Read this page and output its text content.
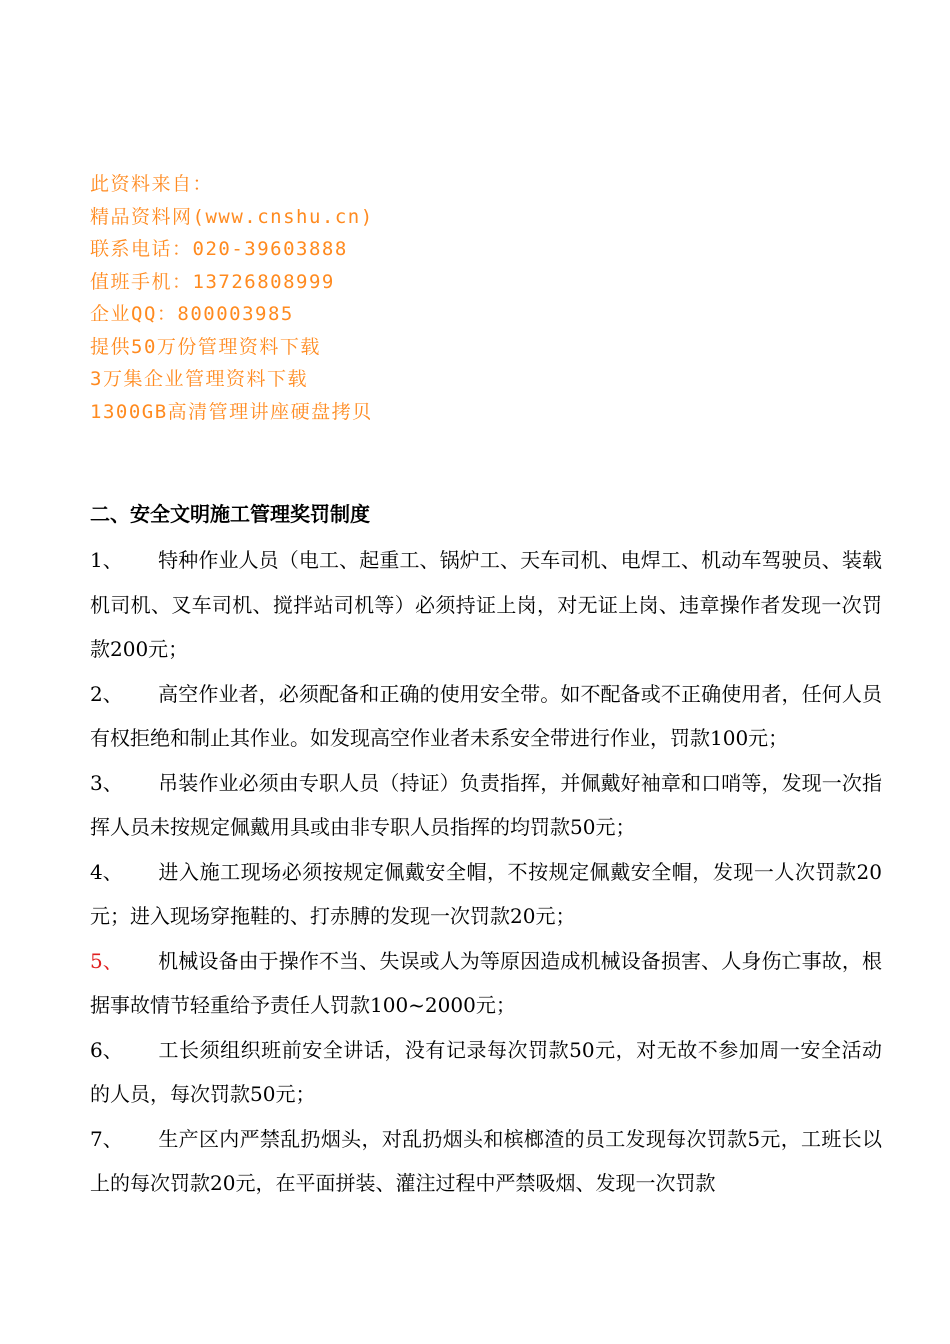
此资料来自：
精品资料网(www.cnshu.cn)
联系电话：020-39603888
值班手机：13726808999
企业QQ：800003985
提供50万份管理资料下载
3万集企业管理资料下载
1300GB高清管理讲座硬盘拷贝
二、安全文明施工管理奖罚制度

1、 特种作业人员（电工、起重工、锅炉工、天车司机、电焊工、机动车驾驶员、装载机司机、叉车司机、搅拌站司机等）必须持证上岗，对无证上岗、违章操作者发现一次罚款200元；

2、 高空作业者，必须配备和正确的使用安全带。如不配备或不正确使用者，任何人员有权拒绝和制止其作业。如发现高空作业者未系安全带进行作业，罚款100元；

3、 吊装作业必须由专职人员（持证）负责指挥，并佩戴好袖章和口哨等，发现一次指挥人员未按规定佩戴用具或由非专职人员指挥的均罚款50元；

4、 进入施工现场必须按规定佩戴安全帽，不按规定佩戴安全帽，发现一人次罚款20元；进入现场穿拖鞋的、打赤膊的发现一次罚款20元；

5、 机械设备由于操作不当、失误或人为等原因造成机械设备损害、人身伤亡事故，根据事故情节轻重给予责任人罚款100~2000元；

6、 工长须组织班前安全讲话，没有记录每次罚款50元，对无故不参加周一安全活动的人员，每次罚款50元；

7、 生产区内严禁乱扔烟头，对乱扔烟头和槟榔渣的员工发现每次罚款5元，工班长以上的每次罚款20元，在平面拼装、灌注过程中严禁吸烟、发现一次罚款
